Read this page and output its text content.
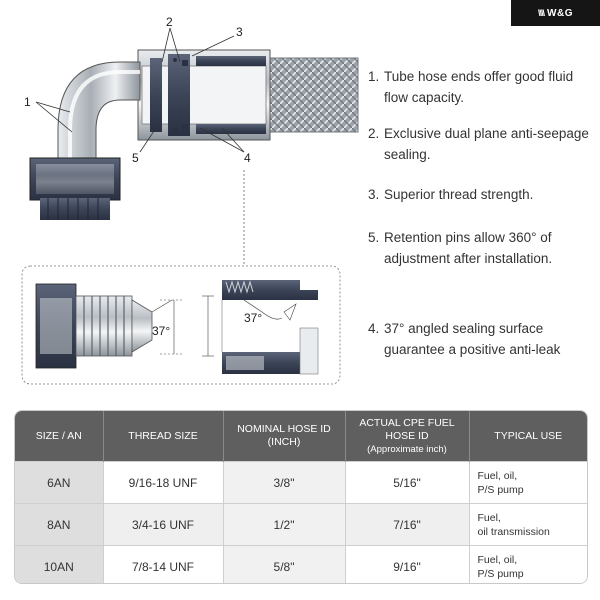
\\\\ W&G
1
2
3
4
5
37°
37°
1. Tube hose ends offer good fluid flow capacity.
2. Exclusive dual plane anti-seepage sealing.
3. Superior thread strength.
5. Retention pins allow 360° of adjustment after installation.
4. 37° angled sealing surface guarantee a positive anti-leak
SIZE / AN	THREAD SIZE	NOMINAL HOSE ID (INCH)	ACTUAL CPE FUEL HOSE ID
(Approximate inch)	TYPICAL USE
6AN	9/16-18 UNF	3/8"	5/16"	Fuel, oil,
P/S pump
8AN	3/4-16 UNF	1/2"	7/16"	Fuel,
oil transmission
10AN	7/8-14 UNF	5/8"	9/16"	Fuel, oil,
P/S pump
